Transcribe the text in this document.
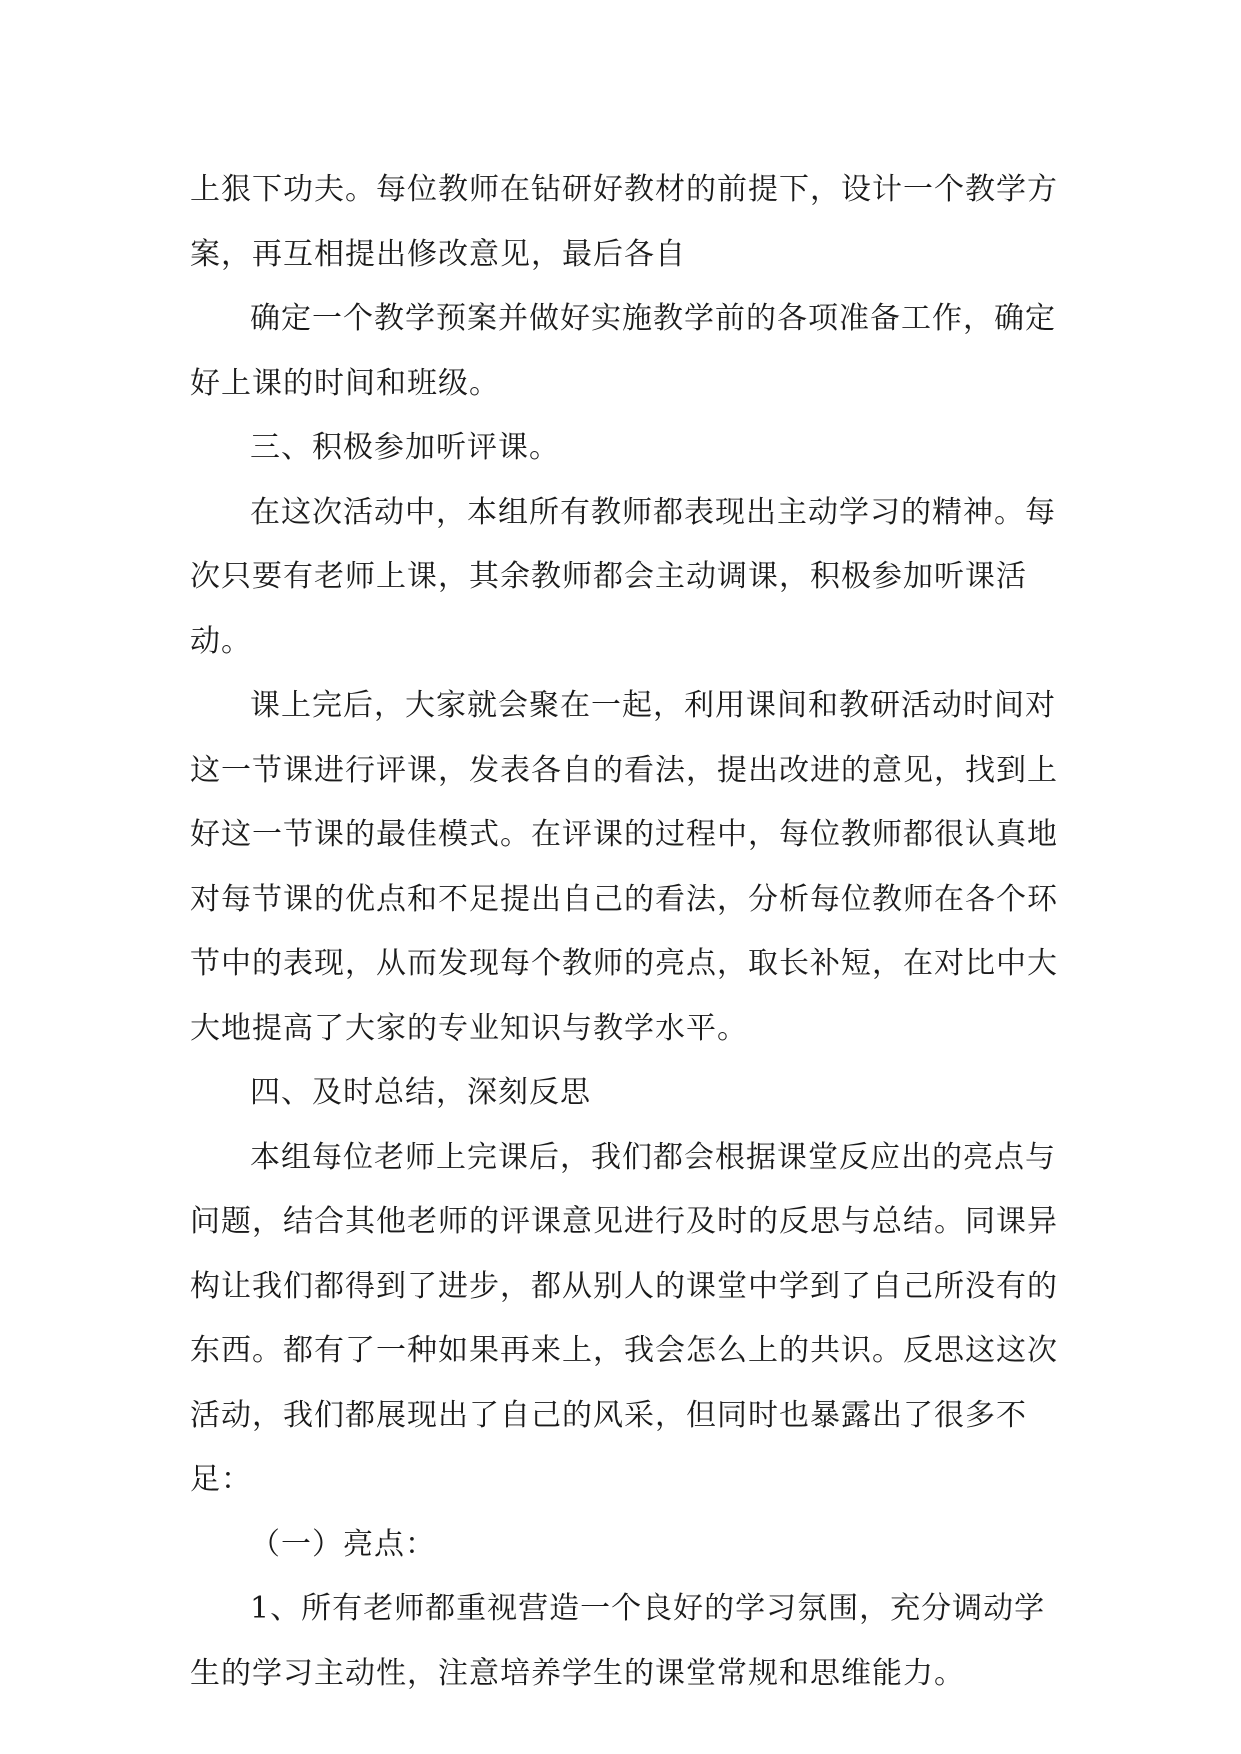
上狠下功夫。每位教师在钻研好教材的前提下，设计一个教学方案，再互相提出修改意见，最后各自

确定一个教学预案并做好实施教学前的各项准备工作，确定好上课的时间和班级。

三、积极参加听评课。

在这次活动中，本组所有教师都表现出主动学习的精神。每次只要有老师上课，其余教师都会主动调课，积极参加听课活动。

课上完后，大家就会聚在一起，利用课间和教研活动时间对这一节课进行评课，发表各自的看法，提出改进的意见，找到上好这一节课的最佳模式。在评课的过程中，每位教师都很认真地对每节课的优点和不足提出自己的看法，分析每位教师在各个环节中的表现，从而发现每个教师的亮点，取长补短，在对比中大大地提高了大家的专业知识与教学水平。

四、及时总结，深刻反思

本组每位老师上完课后，我们都会根据课堂反应出的亮点与问题，结合其他老师的评课意见进行及时的反思与总结。同课异构让我们都得到了进步，都从别人的课堂中学到了自己所没有的东西。都有了一种如果再来上，我会怎么上的共识。反思这这次活动，我们都展现出了自己的风采，但同时也暴露出了很多不足：

（一）亮点：

1、所有老师都重视营造一个良好的学习氛围，充分调动学生的学习主动性，注意培养学生的课堂常规和思维能力。
